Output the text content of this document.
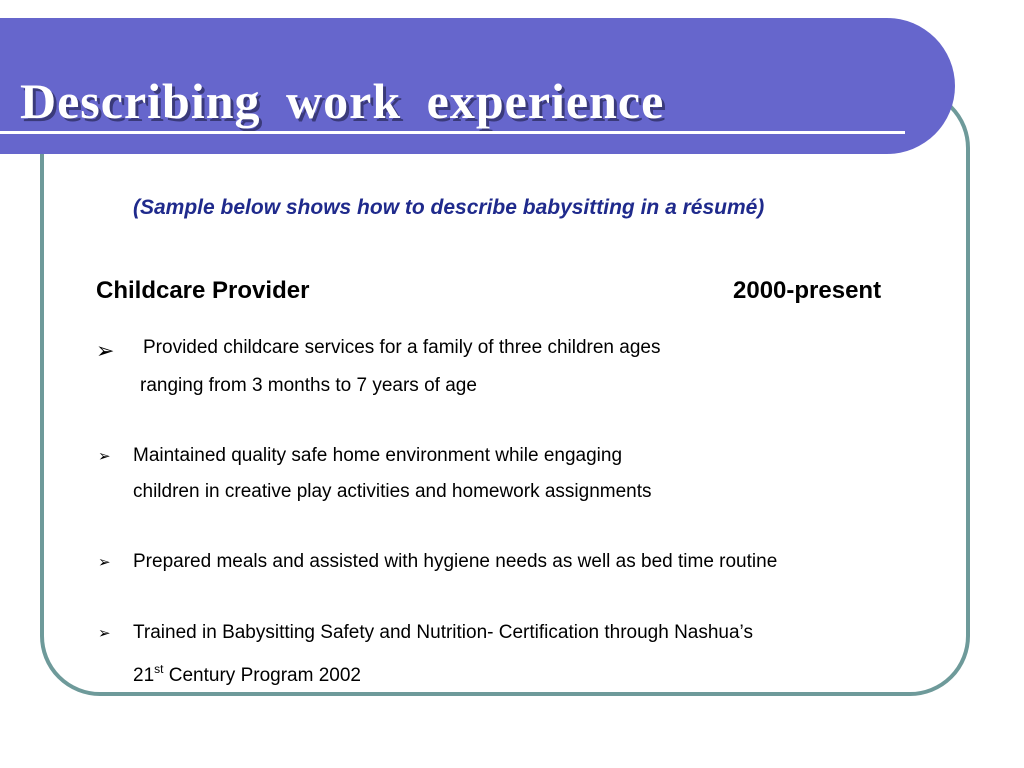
Describing work experience
(Sample below shows how to describe babysitting in a résumé)
Childcare Provider	2000-present
➢ Provided childcare services for a family of three children ages
ranging from 3 months to 7 years of age
➢ Maintained quality safe home environment while engaging
children in creative play activities and homework assignments
➢ Prepared meals and assisted with hygiene needs as well as bed time routine
➢ Trained in Babysitting Safety and Nutrition- Certification through Nashua’s
21st Century Program 2002
